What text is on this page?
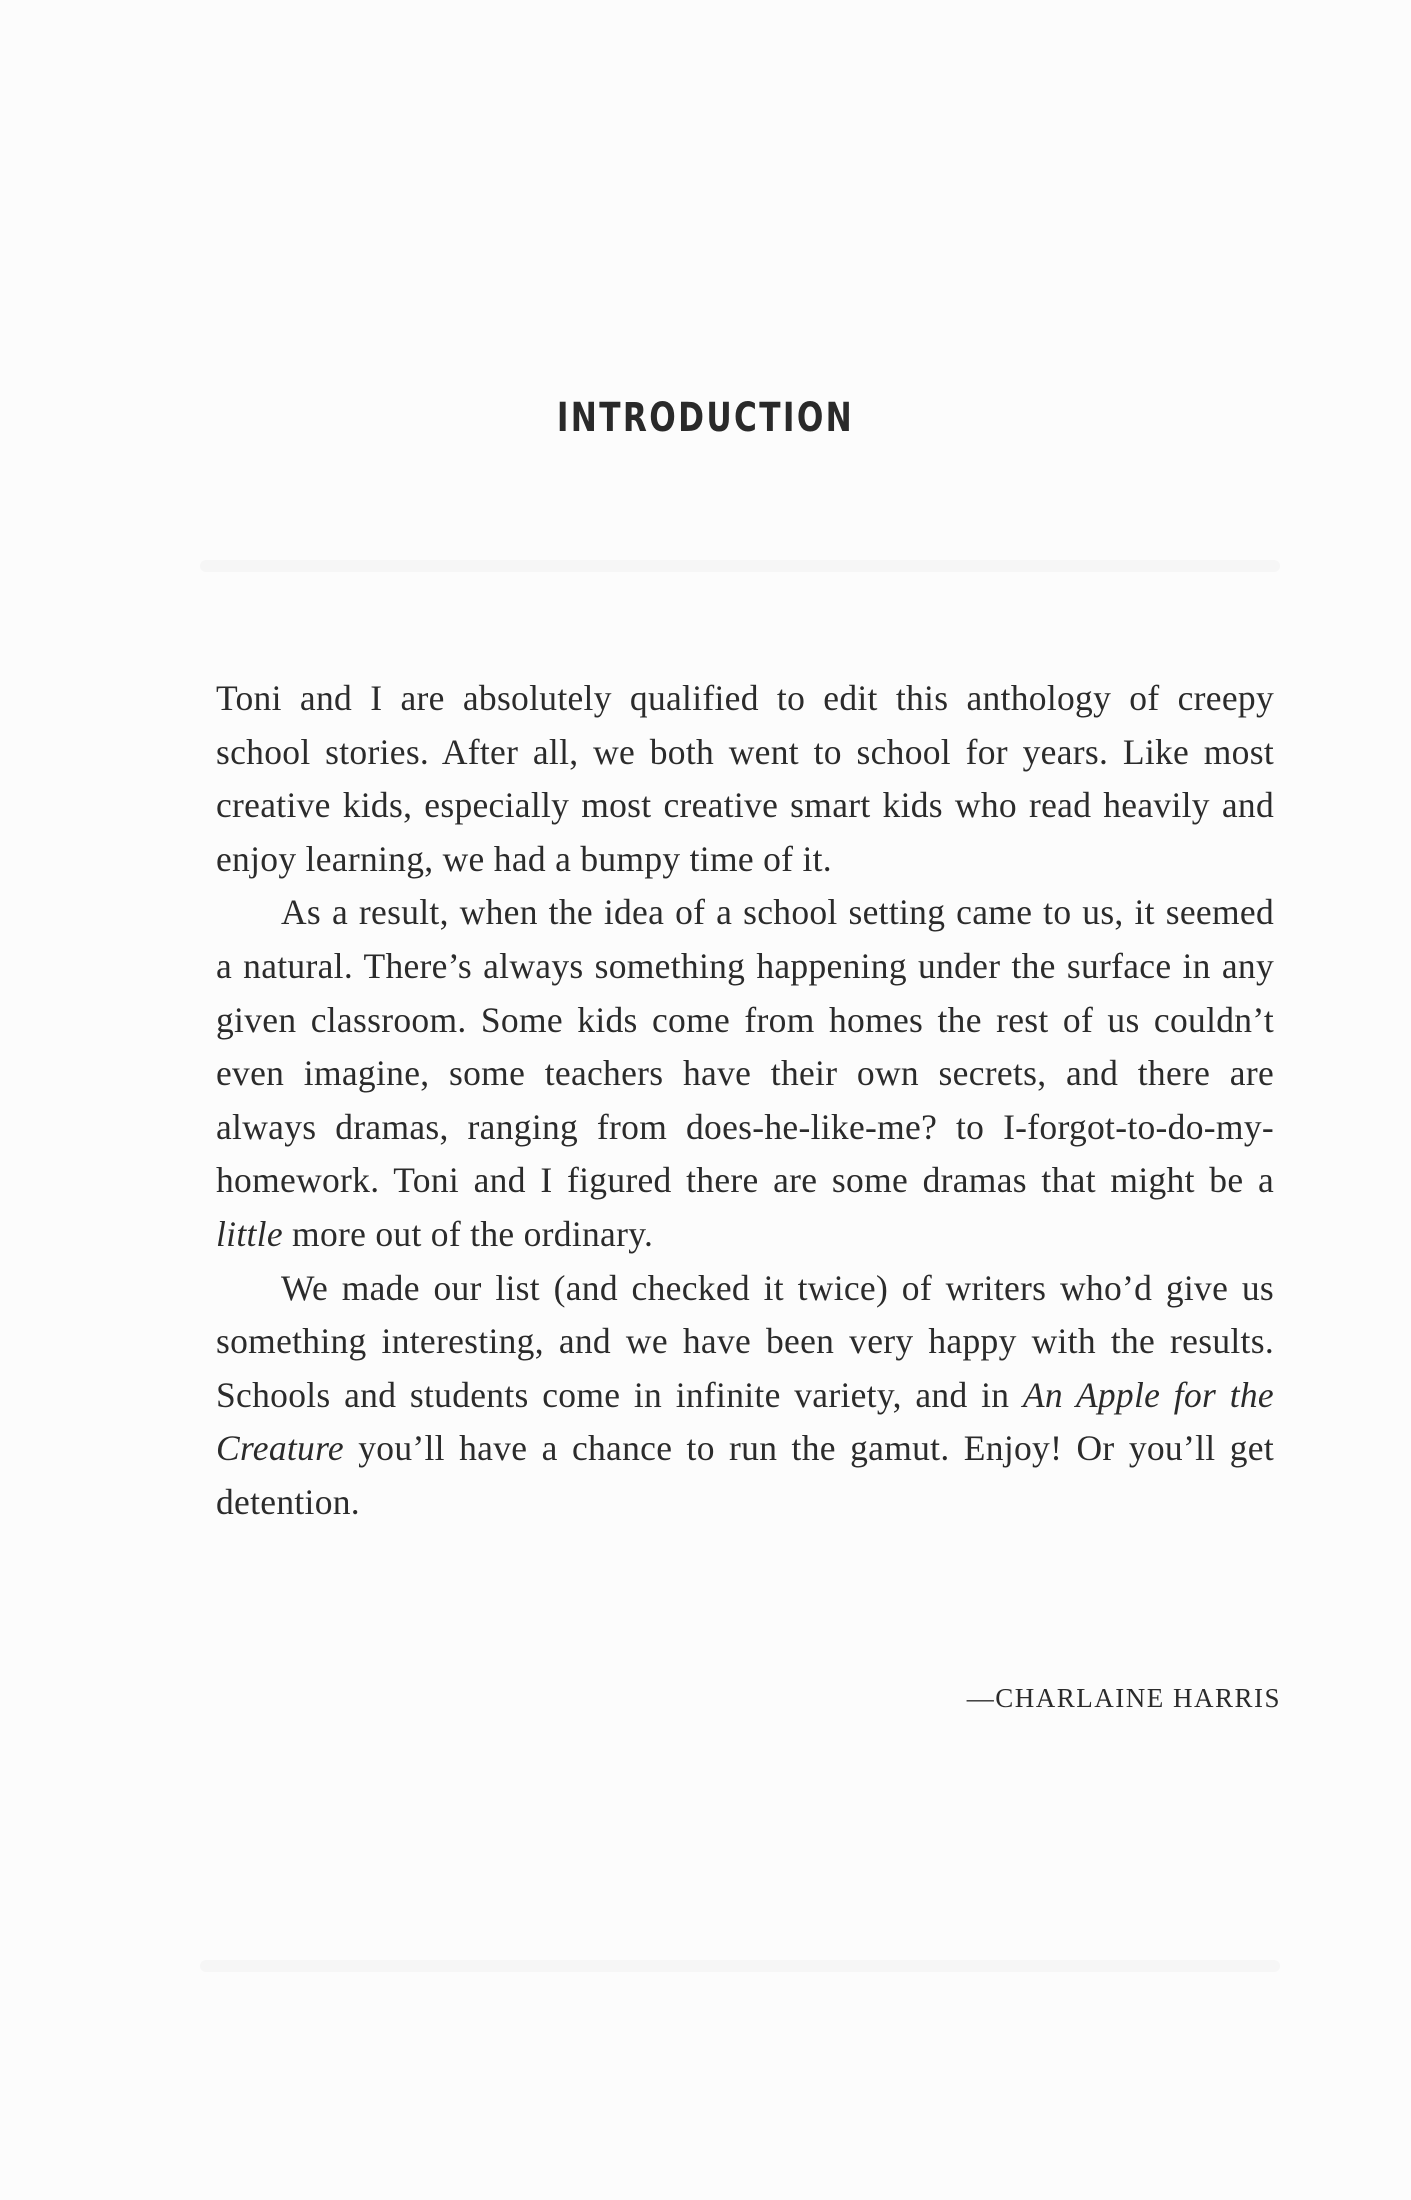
INTRODUCTION

Toni and I are absolutely qualified to edit this anthology of creepy school stories. After all, we both went to school for years. Like most creative kids, especially most creative smart kids who read heavily and enjoy learning, we had a bumpy time of it.

As a result, when the idea of a school setting came to us, it seemed a natural. There’s always something happening under the surface in any given classroom. Some kids come from homes the rest of us couldn’t even imagine, some teachers have their own secrets, and there are always dramas, ranging from does-he-like-me? to I-forgot-to-do-my-homework. Toni and I figured there are some dramas that might be a little more out of the ordinary.

We made our list (and checked it twice) of writers who’d give us something interesting, and we have been very happy with the results. Schools and students come in infinite variety, and in An Apple for the Creature you’ll have a chance to run the gamut. Enjoy! Or you’ll get detention.

—CHARLAINE HARRIS
